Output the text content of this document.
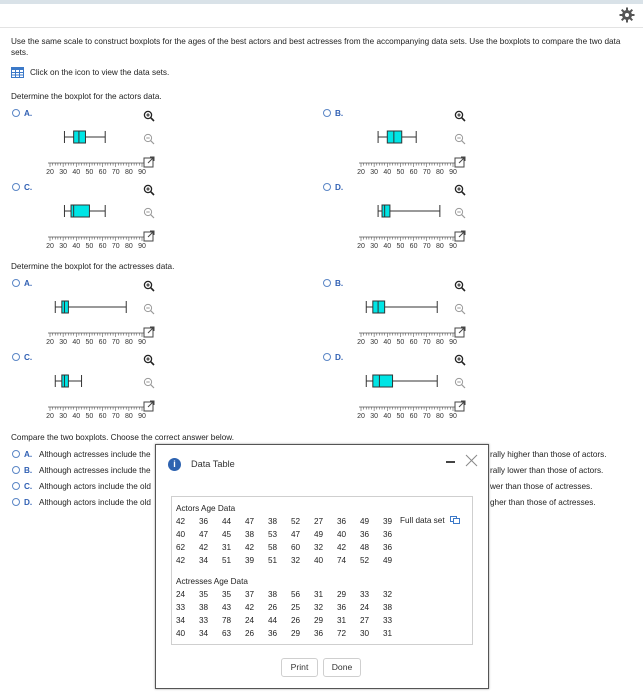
Use the same scale to construct boxplots for the ages of the best actors and best actresses from the accompanying data sets. Use the boxplots to compare the two data sets.
Click on the icon to view the data sets.
Determine the boxplot for the actors data.
A.
20 30 40 50 60 70 80 90
B.
20 30 40 50 60 70 80 90
C.
20 30 40 50 60 70 80 90
D.
20 30 40 50 60 70 80 90
Determine the boxplot for the actresses data.
A.
20 30 40 50 60 70 80 90
B.
20 30 40 50 60 70 80 90
C.
20 30 40 50 60 70 80 90
D.
20 30 40 50 60 70 80 90
Compare the two boxplots. Choose the correct answer below.
A. Although actresses include the	rally higher than those of actors.
B. Although actresses include the	rally lower than those of actors.
C. Although actors include the old	wer than those of actresses.
D. Although actors include the old	gher than those of actresses.
i	Data Table
Actors Age Data
42	36	44	47	38	52	27	36	49	39
40	47	45	38	53	47	49	40	36	36
62	42	31	42	58	60	32	42	48	36
42	34	51	39	51	32	40	74	52	49
Full data set
Actresses Age Data
24	35	35	37	38	56	31	29	33	32
33	38	43	42	26	25	32	36	24	38
34	33	78	24	44	26	29	31	27	33
40	34	63	26	36	29	36	72	30	31
Print	Done
